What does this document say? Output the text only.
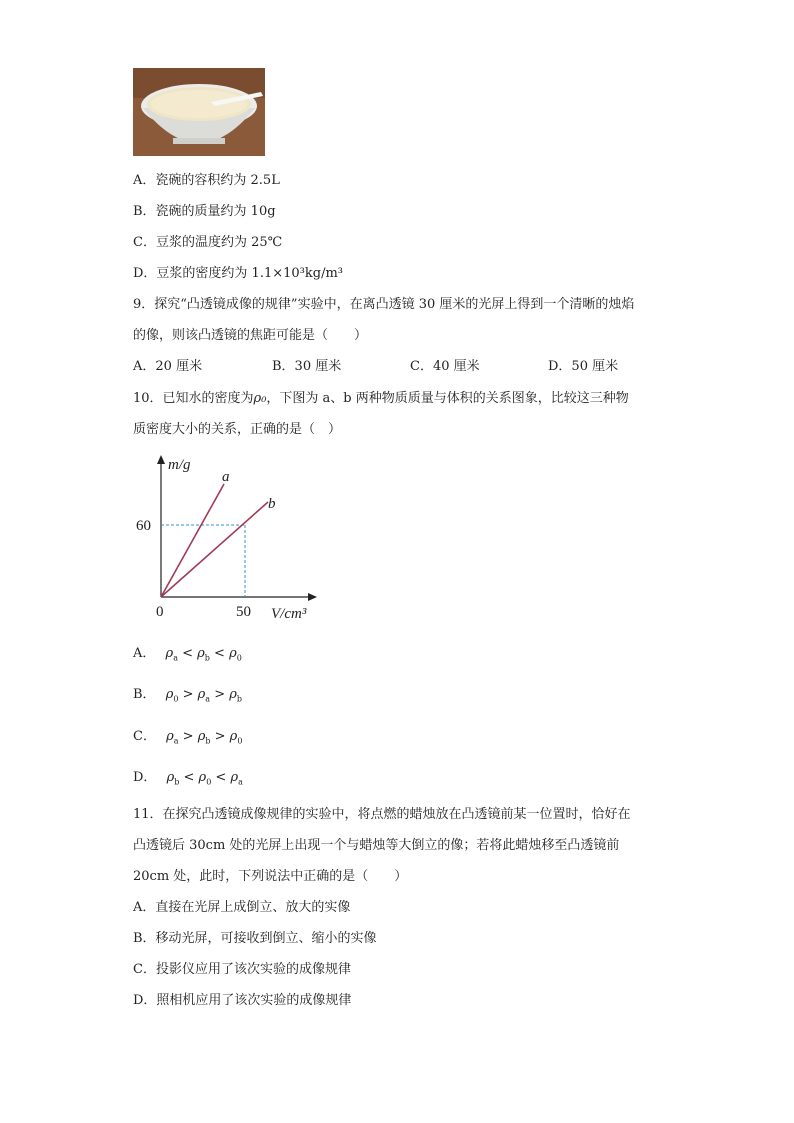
A．瓷碗的容积约为 2.5L
B．瓷碗的质量约为 10g
C．豆浆的温度约为 25℃
D．豆浆的密度约为 1.1×10³kg/m³
9．探究“凸透镜成像的规律”实验中，在离凸透镜 30 厘米的光屏上得到一个清晰的烛焰
的像，则该凸透镜的焦距可能是（　　）
A．20 厘米	B．30 厘米	C．40 厘米	D．50 厘米
10．已知水的密度为ρ₀，下图为 a、b 两种物质质量与体积的关系图象，比较这三种物
质密度大小的关系，正确的是（　）
m/g
a
b
60
0	50 V/cm³
A． $\rho_a < \rho_b < \rho_0$
B． $\rho_0 > \rho_a > \rho_b$
C． $\rho_a > \rho_b > \rho_0$
D． $\rho_b < \rho_0 < \rho_a$
11．在探究凸透镜成像规律的实验中，将点燃的蜡烛放在凸透镜前某一位置时，恰好在
凸透镜后 30cm 处的光屏上出现一个与蜡烛等大倒立的像；若将此蜡烛移至凸透镜前
20cm 处，此时，下列说法中正确的是（　　）
A．直接在光屏上成倒立、放大的实像
B．移动光屏，可接收到倒立、缩小的实像
C．投影仪应用了该次实验的成像规律
D．照相机应用了该次实验的成像规律
